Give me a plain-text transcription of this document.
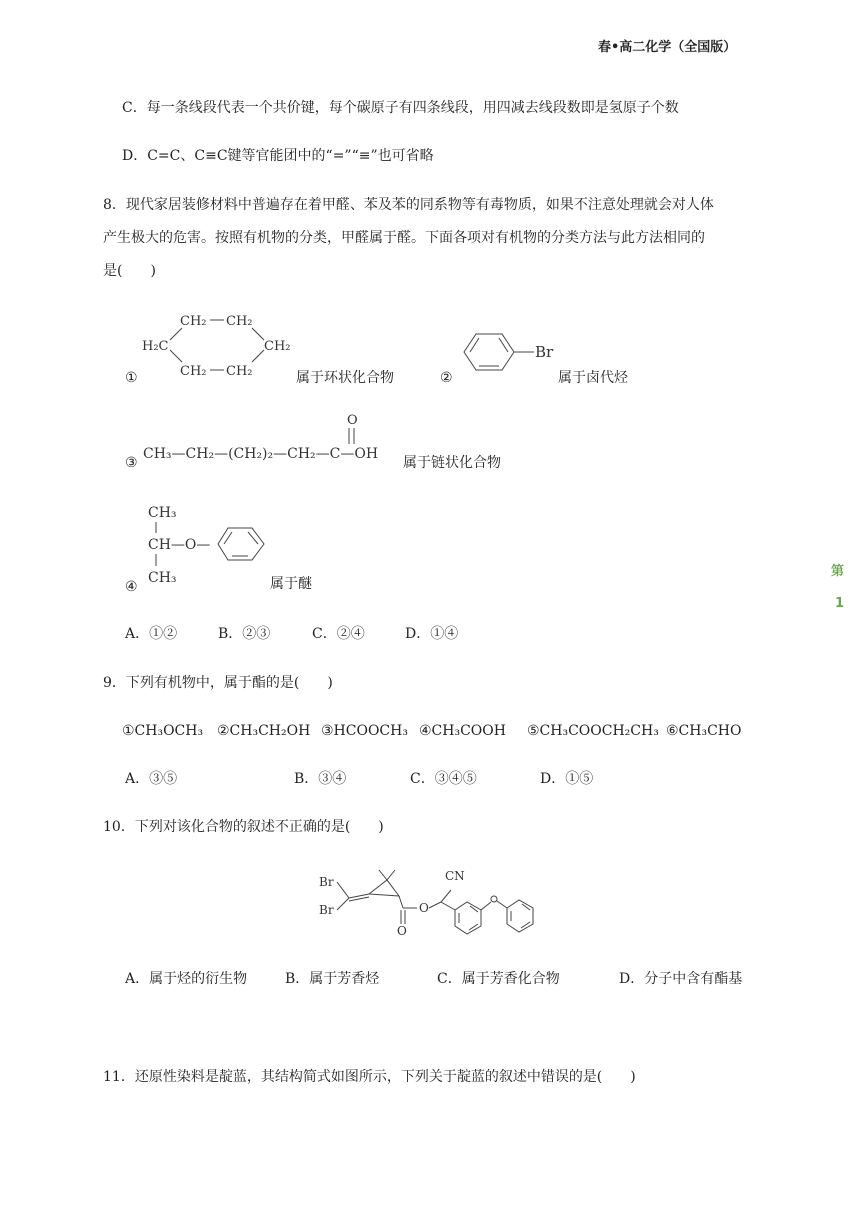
春•高二化学（全国版）
第
1
C．每一条线段代表一个共价键，每个碳原子有四条线段，用四减去线段数即是氢原子个数
D．C=C、C≡C键等官能团中的“=”“≡”也可省略
8．现代家居装修材料中普遍存在着甲醛、苯及苯的同系物等有毒物质，如果不注意处理就会对人体
产生极大的危害。按照有机物的分类，甲醛属于醛。下面各项对有机物的分类方法与此方法相同的
是(　　)
①
CH₂ CH₂
H₂C	CH₂
CH₂ CH₂	属于环状化合物	②
Br
属于卤代烃
③
CH₃—CH₂—(CH₂)₂—CH₂—C—OH
O
属于链状化合物
④
CH₃
CH—O—
CH₃	属于醚
A．①②	B．②③	C．②④	D．①④
9．下列有机物中，属于酯的是(　　)
①CH₃OCH₃ ②CH₃CH₂OH ③HCOOCH₃ ④CH₃COOH ⑤CH₃COOCH₂CH₃ ⑥CH₃CHO
A．③⑤	B．③④	C．③④⑤	D．①⑤
10．下列对该化合物的叙述不正确的是(　　)
Br
Br
O
O
CN
A．属于烃的衍生物	B．属于芳香烃	C．属于芳香化合物	D．分子中含有酯基
11．还原性染料是靛蓝，其结构简式如图所示，下列关于靛蓝的叙述中错误的是(　　)
